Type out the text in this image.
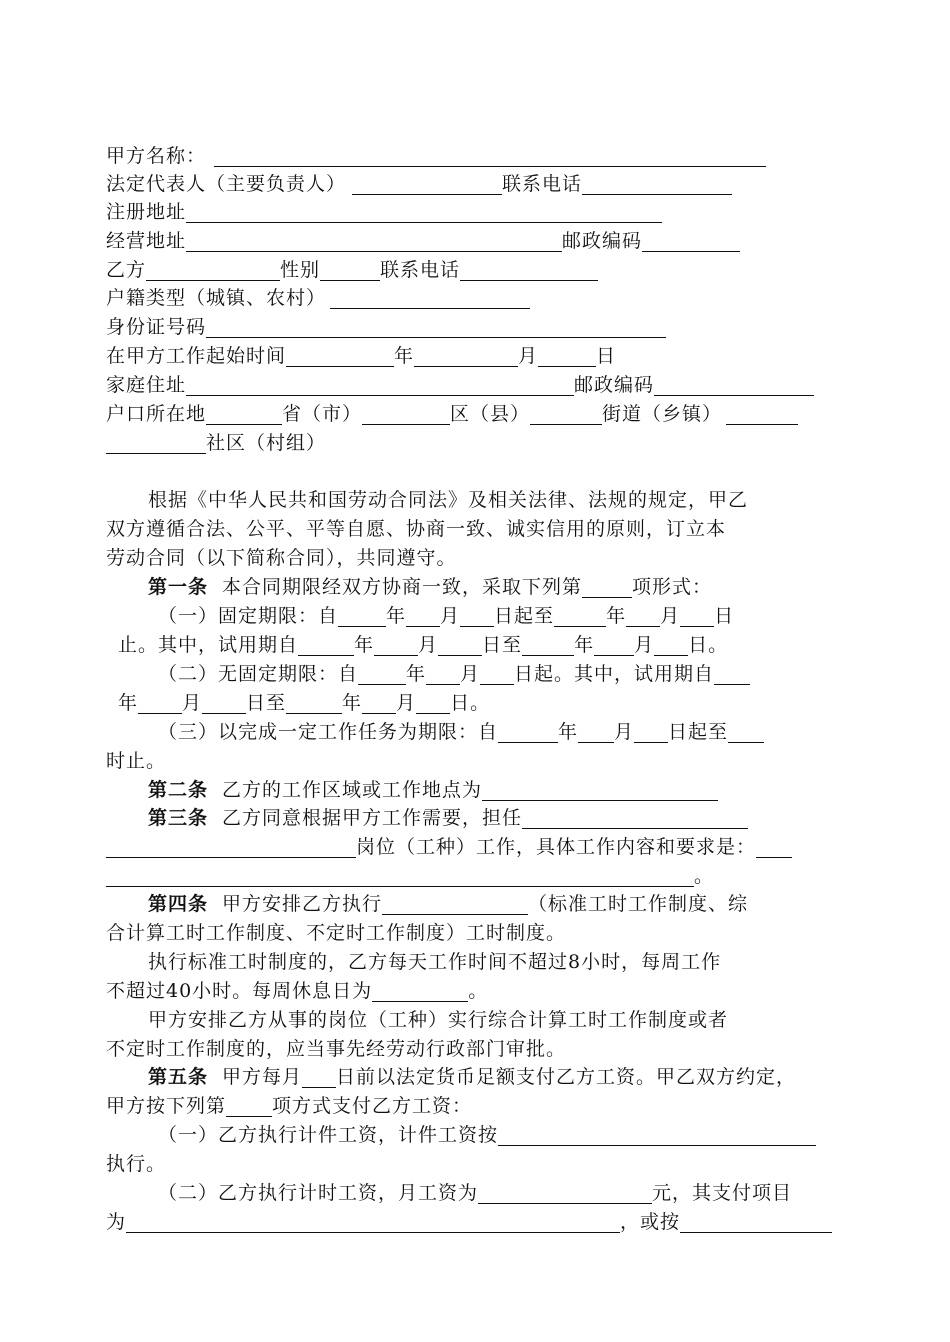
甲方名称：
法定代表人（主要负责人）	联系电话
注册地址
经营地址	邮政编码
乙方	性别	联系电话
户籍类型（城镇、农村）
身份证号码
在甲方工作起始时间	年	月	日
家庭住址	邮政编码
户口所在地	省（市）	区（县）	街道（乡镇）
社区（村组）
根据《中华人民共和国劳动合同法》及相关法律、法规的规定，甲乙
双方遵循合法、公平、平等自愿、协商一致、诚实信用的原则，订立本
劳动合同（以下简称合同），共同遵守。
第一条 本合同期限经双方协商一致，采取下列第	项形式：
（一）固定期限：自	年 月 日起至	年 月 日
止。其中，试用期自	年 月 日至	年 月 日。
（二）无固定期限：自	年 月 日起。其中，试用期自
年 月 日至	年 月 日。
（三）以完成一定工作任务为期限：自	年 月 日起至
时止。
第二条 乙方的工作区域或工作地点为
第三条 乙方同意根据甲方工作需要，担任
岗位（工种）工作，具体工作内容和要求是：
。
第四条 甲方安排乙方执行	（标准工时工作制度、综
合计算工时工作制度、不定时工作制度）工时制度。
执行标准工时制度的，乙方每天工作时间不超过8小时，每周工作
不超过40小时。每周休息日为	。
甲方安排乙方从事的岗位（工种）实行综合计算工时工作制度或者
不定时工作制度的，应当事先经劳动行政部门审批。
第五条 甲方每月 日前以法定货币足额支付乙方工资。甲乙双方约定，
甲方按下列第 项方式支付乙方工资：
（一）乙方执行计件工资，计件工资按
执行。
（二）乙方执行计时工资，月工资为	元，其支付项目
为	，或按
